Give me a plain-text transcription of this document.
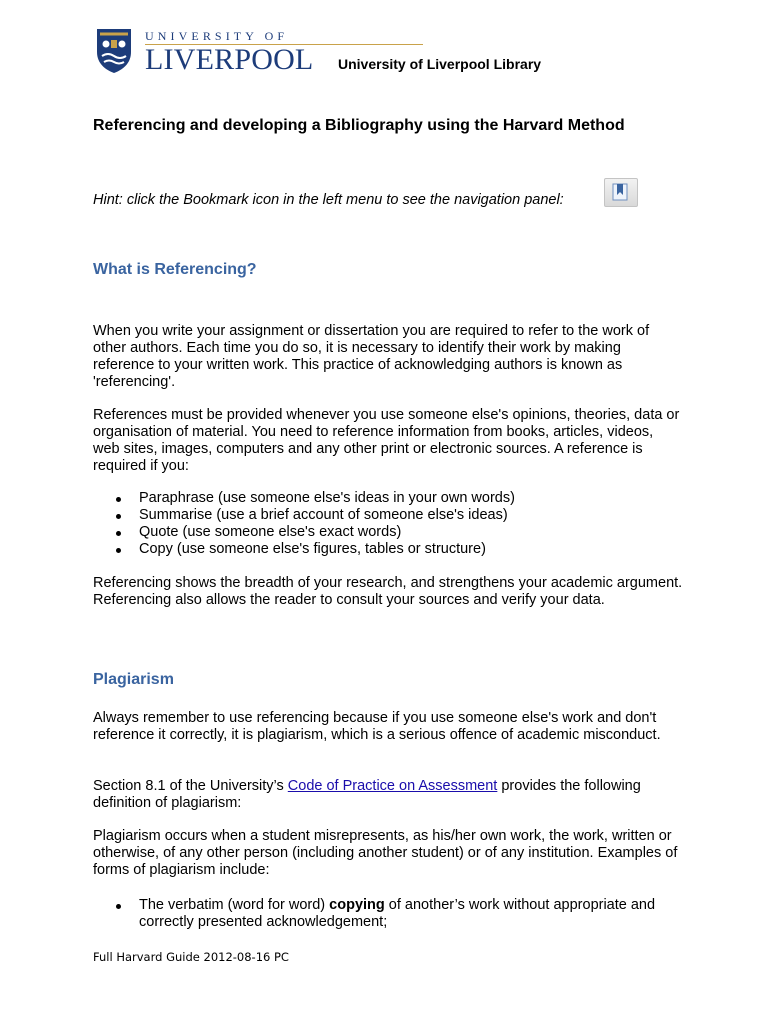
UNIVERSITY OF
LIVERPOOL University of Liverpool Library
Referencing and developing a Bibliography using the Harvard Method
Hint: click the Bookmark icon in the left menu to see the navigation panel:
What is Referencing?

When you write your assignment or dissertation you are required to refer to the work of other authors. Each time you do so, it is necessary to identify their work by making reference to your written work. This practice of acknowledging authors is known as 'referencing'.

References must be provided whenever you use someone else's opinions, theories, data or organisation of material. You need to reference information from books, articles, videos, web sites, images, computers and any other print or electronic sources. A reference is required if you:

Paraphrase (use someone else's ideas in your own words)
Summarise (use a brief account of someone else's ideas)
Quote (use someone else's exact words)
Copy (use someone else's figures, tables or structure)

Referencing shows the breadth of your research, and strengthens your academic argument. Referencing also allows the reader to consult your sources and verify your data.

Plagiarism

Always remember to use referencing because if you use someone else's work and don't reference it correctly, it is plagiarism, which is a serious offence of academic misconduct.

Section 8.1 of the University’s Code of Practice on Assessment provides the following definition of plagiarism:

Plagiarism occurs when a student misrepresents, as his/her own work, the work, written or otherwise, of any other person (including another student) or of any institution. Examples of forms of plagiarism include:

The verbatim (word for word) copying of another’s work without appropriate and correctly presented acknowledgement;
Full Harvard Guide 2012-08-16 PC
